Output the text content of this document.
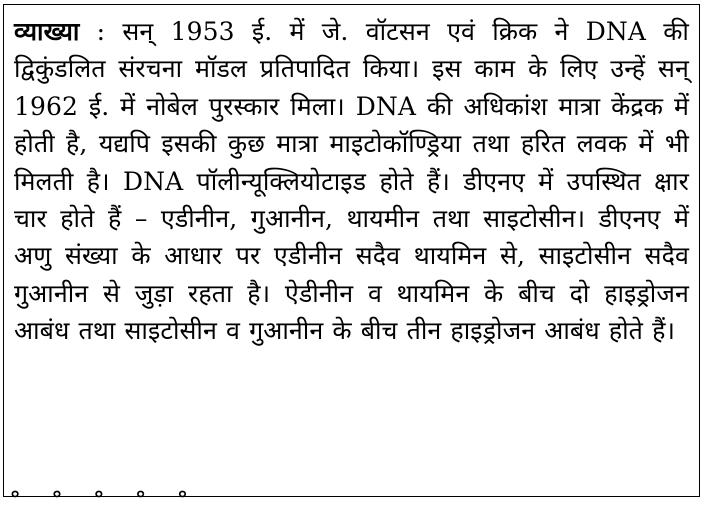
व्याख्या : सन् 1953 ई. में जे. वॉटसन एवं क्रिक ने DNA की द्विकुंडलित संरचना मॉडल प्रतिपादित किया। इस काम के लिए उन्हें सन् 1962 ई. में नोबेल पुरस्कार मिला। DNA की अधिकांश मात्रा केंद्रक में होती है, यद्यपि इसकी कुछ मात्रा माइटोकॉण्ड्रिया तथा हरित लवक में भी मिलती है। DNA पॉलीन्यूक्लियोटाइड होते हैं। डीएनए में उपस्थित क्षार चार होते हैं – एडीनीन, गुआनीन, थायमीन तथा साइटोसीन। डीएनए में अणु संख्या के आधार पर एडीनीन सदैव थायमिन से, साइटोसीन सदैव गुआनीन से जुड़ा रहता है। ऐडीनीन व थायमिन के बीच दो हाइड्रोजन आबंध तथा साइटोसीन व गुआनीन के बीच तीन हाइड्रोजन आबंध होते हैं।
॰ ॰ ॰ ॰ ॰
